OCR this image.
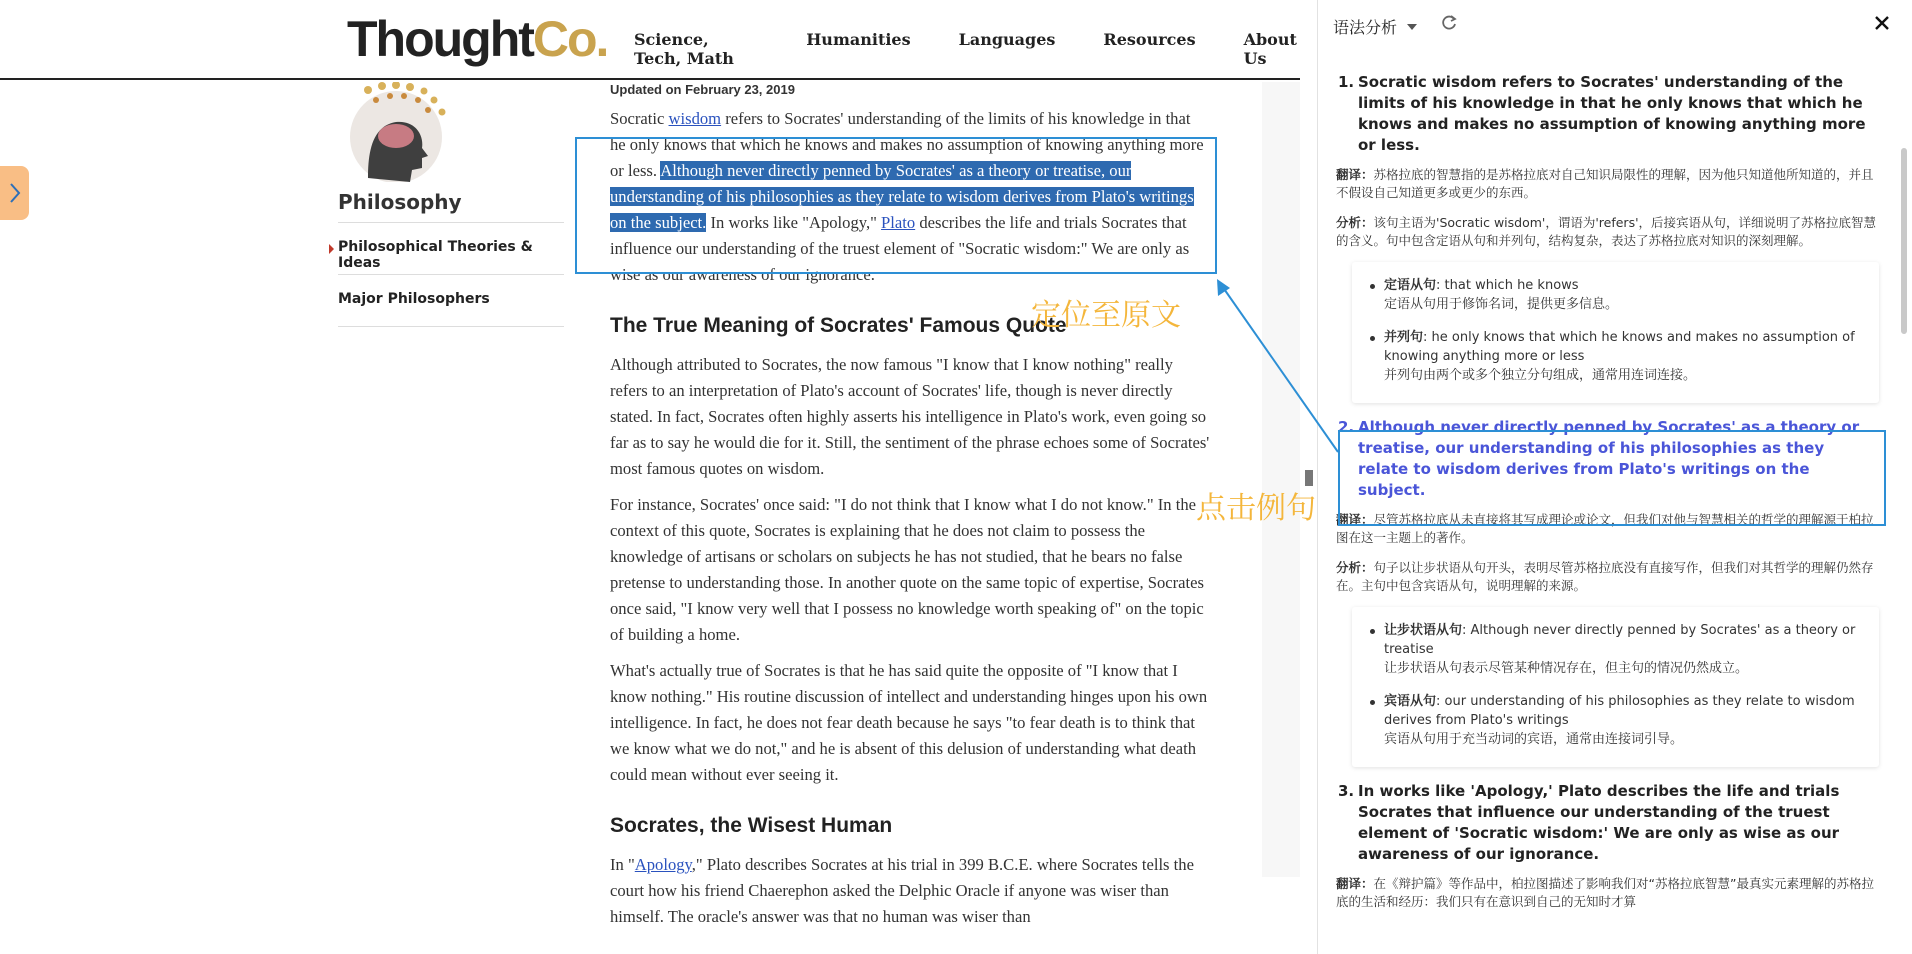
ThoughtCo. Science, Tech, Math
Humanities	Languages	Resources	About Us
Philosophy
Philosophical Theories & Ideas
Major Philosophers
Updated on February 23, 2019

Socratic wisdom refers to Socrates' understanding of the limits of his knowledge in that he only knows that which he knows and makes no assumption of knowing anything more or less. Although never directly penned by Socrates' as a theory or treatise, our understanding of his philosophies as they relate to wisdom derives from Plato's writings on the subject. In works like "Apology," Plato describes the life and trials Socrates that influence our understanding of the truest element of "Socratic wisdom:" We are only as wise as our awareness of our ignorance.

The True Meaning of Socrates' Famous Quote

Although attributed to Socrates, the now famous "I know that I know nothing" really refers to an interpretation of Plato's account of Socrates' life, though is never directly stated. In fact, Socrates often highly asserts his intelligence in Plato's work, even going so far as to say he would die for it. Still, the sentiment of the phrase echoes some of Socrates' most famous quotes on wisdom.

For instance, Socrates' once said: "I do not think that I know what I do not know." In the context of this quote, Socrates is explaining that he does not claim to possess the knowledge of artisans or scholars on subjects he has not studied, that he bears no false pretense to understanding those. In another quote on the same topic of expertise, Socrates once said, "I know very well that I possess no knowledge worth speaking of" on the topic of building a home.

What's actually true of Socrates is that he has said quite the opposite of "I know that I know nothing." His routine discussion of intellect and understanding hinges upon his own intelligence. In fact, he does not fear death because he says "to fear death is to think that we know what we do not," and he is absent of this delusion of understanding what death could mean without ever seeing it.

Socrates, the Wisest Human

In "Apology," Plato describes Socrates at his trial in 399 B.C.E. where Socrates tells the court how his friend Chaerephon asked the Delphic Oracle if anyone was wiser than himself. The oracle's answer was that no human was wiser than

定位至原文
点击例句
语法分析
1. Socratic wisdom refers to Socrates' understanding of the limits of his knowledge in that he only knows that which he knows and makes no assumption of knowing anything more or less.
翻译：苏格拉底的智慧指的是苏格拉底对自己知识局限性的理解，因为他只知道他所知道的，并且不假设自己知道更多或更少的东西。
分析：该句主语为'Socratic wisdom'，谓语为'refers'，后接宾语从句，详细说明了苏格拉底智慧的含义。句中包含定语从句和并列句，结构复杂，表达了苏格拉底对知识的深刻理解。
定语从句: that which he knows
定语从句用于修饰名词，提供更多信息。
并列句: he only knows that which he knows and makes no assumption of knowing anything more or less
并列句由两个或多个独立分句组成，通常用连词连接。
2. Although never directly penned by Socrates' as a theory or treatise, our understanding of his philosophies as they relate to wisdom derives from Plato's writings on the subject.
翻译：尽管苏格拉底从未直接将其写成理论或论文，但我们对他与智慧相关的哲学的理解源于柏拉图在这一主题上的著作。
分析：句子以让步状语从句开头，表明尽管苏格拉底没有直接写作，但我们对其哲学的理解仍然存在。主句中包含宾语从句，说明理解的来源。
让步状语从句: Although never directly penned by Socrates' as a theory or treatise
让步状语从句表示尽管某种情况存在，但主句的情况仍然成立。
宾语从句: our understanding of his philosophies as they relate to wisdom derives from Plato's writings
宾语从句用于充当动词的宾语，通常由连接词引导。
3. In works like 'Apology,' Plato describes the life and trials Socrates that influence our understanding of the truest element of 'Socratic wisdom:' We are only as wise as our awareness of our ignorance.
翻译：在《辩护篇》等作品中，柏拉图描述了影响我们对“苏格拉底智慧”最真实元素理解的苏格拉底的生活和经历：我们只有在意识到自己的无知时才算
